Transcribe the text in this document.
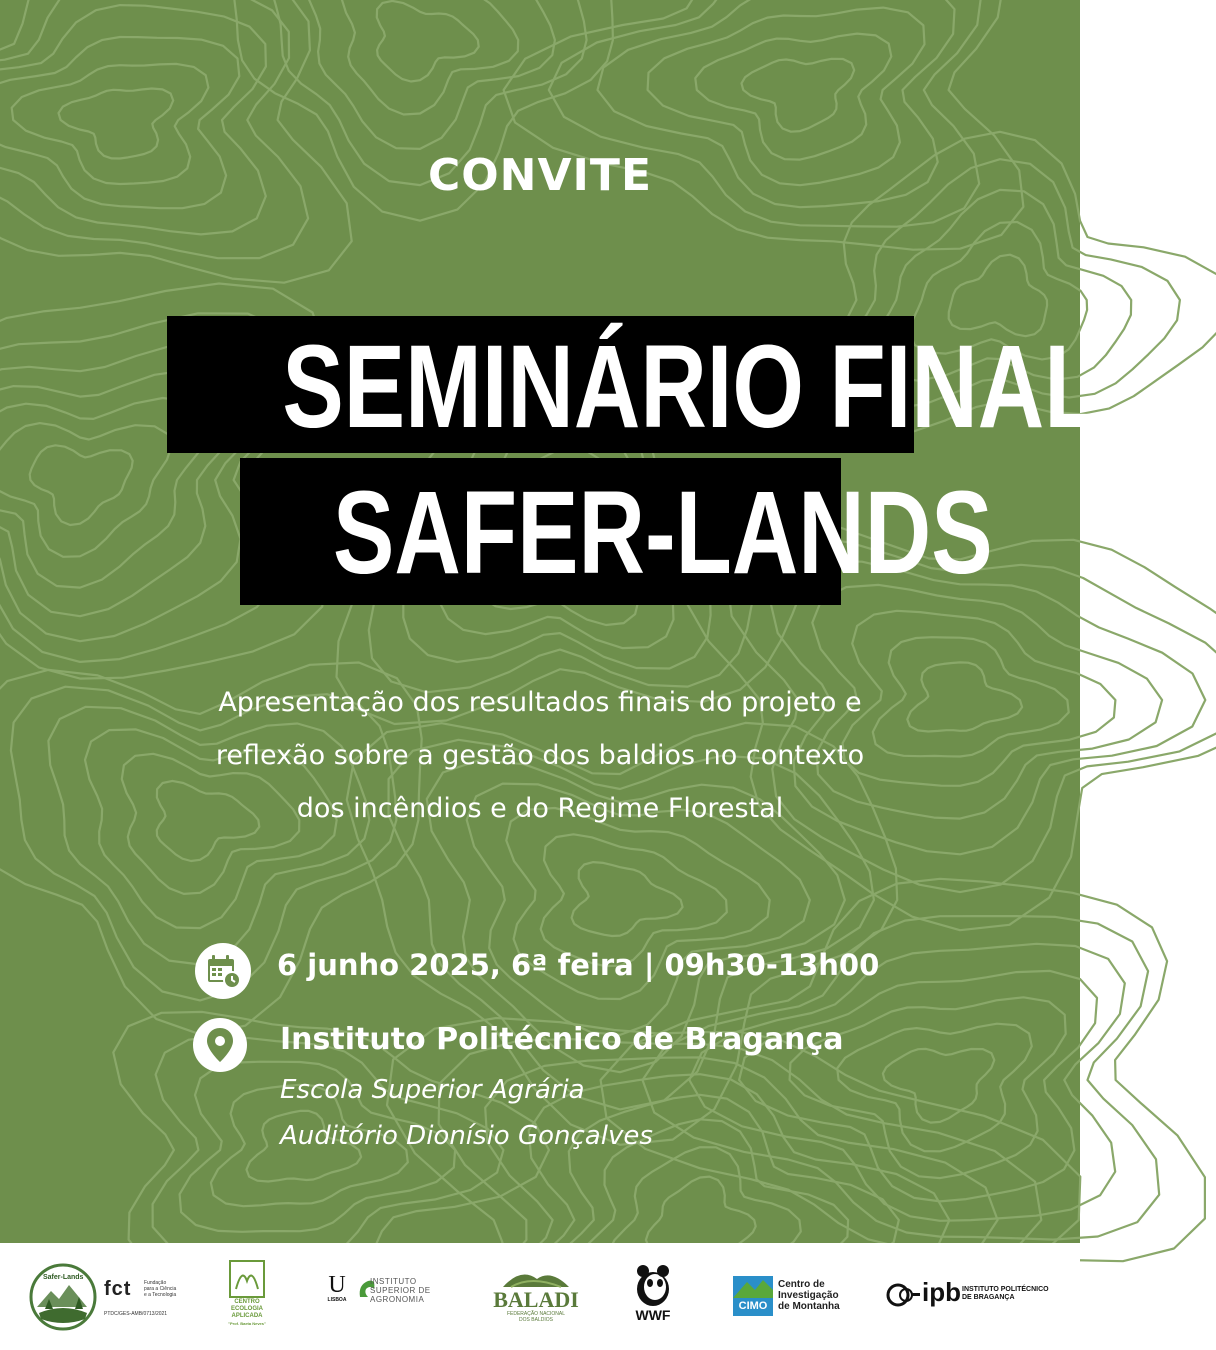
CONVITE
SEMINÁRIO FINAL
SAFER-LANDS
Apresentação dos resultados finais do projeto e
reflexão sobre a gestão dos baldios no contexto
dos incêndios e do Regime Florestal
6 junho 2025, 6ª feira | 09h30-13h00
Instituto Politécnico de Bragança
Escola Superior Agrária
Auditório Dionísio Gonçalves
Safer-Lands
fct	Fundação
para a Ciência
e a Tecnologia
PTDC/GES-AMB/0713/2021
CENTRO
ECOLOGIA
APLICADA
"Prof. Baeta Neves"
U
LISBOA
INSTITUTO
SUPERIOR DE
AGRONOMIA	BALADI
FEDERAÇÃO NACIONAL
DOS BALDIOS	WWF
CIMO
Centro de
Investigação
de Montanha	ipb INSTITUTO POLITÉCNICO
DE BRAGANÇA
